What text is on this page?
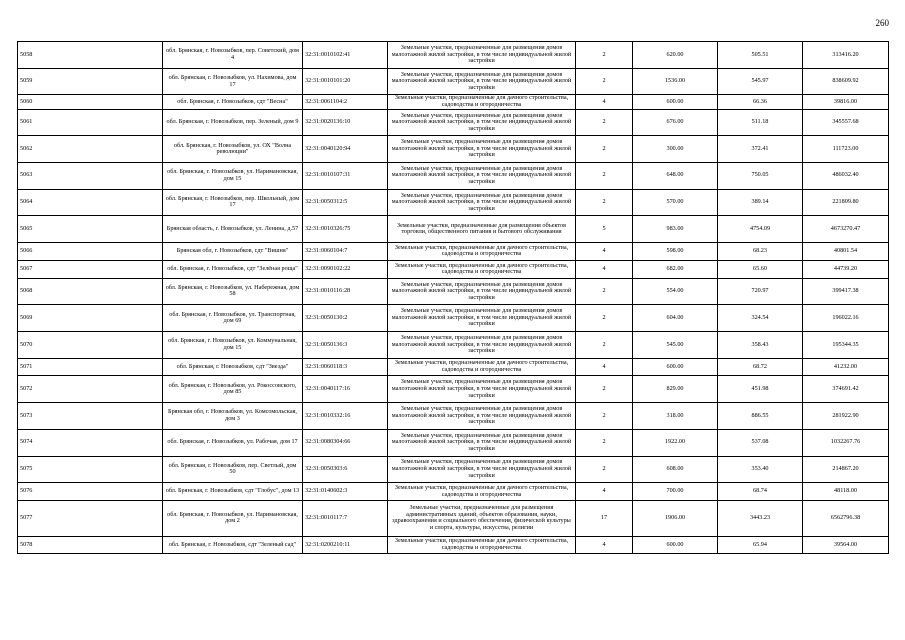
260
5058	обл. Брянская, г. Новозыбков, пер. Советский, дом 4	32:31:0010102:41	Земельные участки, предназначенные для размещения домов малоэтажной жилой застройки, в том числе индивидуальной жилой застройки	2	620.00	505.51	313416.20
5059	обл. Брянская, г. Новозыбков, ул. Нахимова, дом 17	32:31:0010101:20	Земельные участки, предназначенные для размещения домов малоэтажной жилой застройки, в том числе индивидуальной жилой застройки	2	1536.00	545.97	838609.92
5060	обл. Брянская, г. Новозыбков, сдт "Весна"	32:31:0061104:2	Земельные участки, предназначенные для дачного строительства, садоводства и огородничества	4	600.00	66.36	39816.00
5061	обл. Брянская, г. Новозыбков, пер. Зеленый, дом 9	32:31:0020136:10	Земельные участки, предназначенные для размещения домов малоэтажной жилой застройки, в том числе индивидуальной жилой застройки	2	676.00	511.18	345557.68
5062	обл. Брянская, г. Новозыбков, ул. ОХ "Волна революции"	32:31:0040120:94	Земельные участки, предназначенные для размещения домов малоэтажной жилой застройки, в том числе индивидуальной жилой застройки	2	300.00	372.41	111723.00
5063	обл. Брянская, г. Новозыбков, ул. Наримановская, дом 15	32:31:0010107:31	Земельные участки, предназначенные для размещения домов малоэтажной жилой застройки, в том числе индивидуальной жилой застройки	2	648.00	750.05	486032.40
5064	обл. Брянская, г. Новозыбков, пер. Школьный, дом 17	32:31:0050312:5	Земельные участки, предназначенные для размещения домов малоэтажной жилой застройки, в том числе индивидуальной жилой застройки	2	570.00	389.14	221809.80
5065	Брянская область, г. Новозыбков, ул. Ленина, д.57	32:31:0010326:75	Земельные участки, предназначенные для размещения объектов торговли, общественного питания и бытового обслуживания	5	983.00	4754.09	4673270.47
5066	Брянская обл, г. Новозыбков, сдт "Вишня"	32:31:0060104:7	Земельные участки, предназначенные для дачного строительства, садоводства и огородничества	4	598.00	68.23	40801.54
5067	обл. Брянская, г. Новозыбков, сдт "Зелёная роща"	32:31:0090102:22	Земельные участки, предназначенные для дачного строительства, садоводства и огородничества	4	682.00	65.60	44739.20
5068	обл. Брянская, г. Новозыбков, ул. Набережная, дом 58	32:31:0010116:28	Земельные участки, предназначенные для размещения домов малоэтажной жилой застройки, в том числе индивидуальной жилой застройки	2	554.00	720.97	399417.38
5069	обл. Брянская, г. Новозыбков, ул. Транспортная, дом 69	32:31:0050130:2	Земельные участки, предназначенные для размещения домов малоэтажной жилой застройки, в том числе индивидуальной жилой застройки	2	604.00	324.54	196022.16
5070	обл. Брянская, г. Новозыбков, ул. Коммунальная, дом 15	32:31:0050136:3	Земельные участки, предназначенные для размещения домов малоэтажной жилой застройки, в том числе индивидуальной жилой застройки	2	545.00	358.43	195344.35
5071	обл. Брянская, г. Новозыбков, сдт "Звезда"	32:31:0060118:3	Земельные участки, предназначенные для дачного строительства, садоводства и огородничества	4	600.00	68.72	41232.00
5072	обл. Брянская, г. Новозыбков, ул. Рокоссовского, дом 85	32:31:0040117:16	Земельные участки, предназначенные для размещения домов малоэтажной жилой застройки, в том числе индивидуальной жилой застройки	2	829.00	451.98	374691.42
5073	Брянская обл, г. Новозыбков, ул. Комсомольская, дом 3	32:31:0010332:16	Земельные участки, предназначенные для размещения домов малоэтажной жилой застройки, в том числе индивидуальной жилой застройки	2	318.00	886.55	281922.90
5074	обл. Брянская, г. Новозыбков, ул. Рабочая, дом 17	32:31:0080304:66	Земельные участки, предназначенные для размещения домов малоэтажной жилой застройки, в том числе индивидуальной жилой застройки	2	1922.00	537.08	1032267.76
5075	обл. Брянская, г. Новозыбков, пер. Светлый, дом 50	32:31:0050303:6	Земельные участки, предназначенные для размещения домов малоэтажной жилой застройки, в том числе индивидуальной жилой застройки	2	608.00	353.40	214867.20
5076	обл. Брянская, г. Новозыбков, сдт "Глобус", дом 13	32:31:0140602:3	Земельные участки, предназначенные для дачного строительства, садоводства и огородничества	4	700.00	68.74	48118.00
5077	обл. Брянская, г. Новозыбков, ул. Наримановская, дом 2	32:31:0010117:7	Земельные участки, предназначенные для размещения административных зданий, объектов образования, науки, здравоохранения и социального обеспечения, физической культуры и спорта, культуры, искусства, религии	17	1906.00	3443.23	6562796.38
5078	обл. Брянская, г. Новозыбков, сдт "Зеленый сад"	32:31:0200210:11	Земельные участки, предназначенные для дачного строительства, садоводства и огородничества	4	600.00	65.94	39564.00
